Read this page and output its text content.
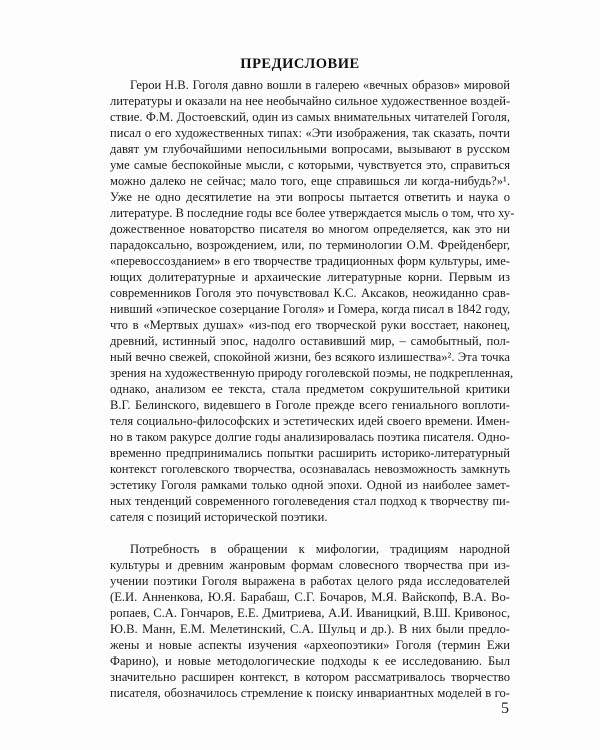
ПРЕДИСЛОВИЕ
Герои Н.В. Гоголя давно вошли в галерею «вечных образов» мировой
литературы и оказали на нее необычайно сильное художественное воздей-
ствие. Ф.М. Достоевский, один из самых внимательных читателей Гоголя,
писал о его художественных типах: «Эти изображения, так сказать, почти
давят ум глубочайшими непосильными вопросами, вызывают в русском
уме самые беспокойные мысли, с которыми, чувствуется это, справиться
можно далеко не сейчас; мало того, еще справишься ли когда-нибудь?»¹.
Уже не одно десятилетие на эти вопросы пытается ответить и наука о
литературе. В последние годы все более утверждается мысль о том, что ху-
дожественное новаторство писателя во многом определяется, как это ни
парадоксально, возрождением, или, по терминологии О.М. Фрейденберг,
«перевоссозданием» в его творчестве традиционных форм культуры, име-
ющих долитературные и архаические литературные корни. Первым из
современников Гоголя это почувствовал К.С. Аксаков, неожиданно срав-
нивший «эпическое созерцание Гоголя» и Гомера, когда писал в 1842 году,
что в «Мертвых душах» «из-под его творческой руки восстает, наконец,
древний, истинный эпос, надолго оставивший мир, – самобытный, пол-
ный вечно свежей, спокойной жизни, без всякого излишества»². Эта точка
зрения на художественную природу гоголевской поэмы, не подкрепленная,
однако, анализом ее текста, стала предметом сокрушительной критики
В.Г. Белинского, видевшего в Гоголе прежде всего гениального воплоти-
теля социально-философских и эстетических идей своего времени. Имен-
но в таком ракурсе долгие годы анализировалась поэтика писателя. Одно-
временно предпринимались попытки расширить историко-литературный
контекст гоголевского творчества, осознавалась невозможность замкнуть
эстетику Гоголя рамками только одной эпохи. Одной из наиболее замет-
ных тенденций современного гоголеведения стал подход к творчеству пи-
сателя с позиций исторической поэтики.
Потребность в обращении к мифологии, традициям народной
культуры и древним жанровым формам словесного творчества при из-
учении поэтики Гоголя выражена в работах целого ряда исследователей
(Е.И. Анненкова, Ю.Я. Барабаш, С.Г. Бочаров, М.Я. Вайскопф, В.А. Во-
ропаев, С.А. Гончаров, Е.Е. Дмитриева, А.И. Иваницкий, В.Ш. Кривонос,
Ю.В. Манн, Е.М. Мелетинский, С.А. Шульц и др.). В них были предло-
жены и новые аспекты изучения «археопоэтики» Гоголя (термин Ежи
Фарино), и новые методологические подходы к ее исследованию. Был
значительно расширен контекст, в котором рассматривалось творчество
писателя, обозначилось стремление к поиску инвариантных моделей в го-
5
